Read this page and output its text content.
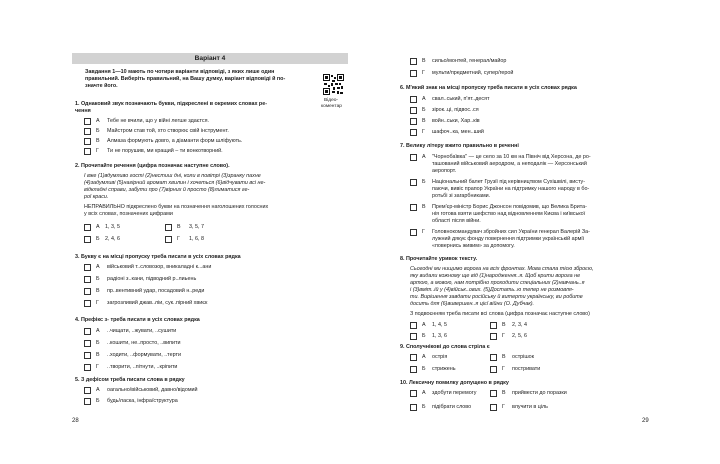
Варіант 4
Завдання 1—10 мають по чотири варіанти відповіді, з яких лише один
правильний. Виберіть правильний, на Вашу думку, варіант відповіді й по-
значте його.
Відео-
коментар
1. Однаковий звук позначають букви, підкреслені в окремих словах ре-
чення
А Тебе не вчили, що у війні легше здаєтся.
Б Майстром став той, хто створює свій інструмент.
В Алмаза формують довго, а діаманти форм шліфують.
Г Ти не порушив, ми кращий – ти вонкотворний.
2. Прочитайте речення (цифра позначає наступне слово).
І вже (1)вдумливо гості (2)нестиш дні, коли в повітрі (3)зранку пахне
(4)задумливі (5)нагірний аромат хвилин і хочеться (6)відчувати всі не-
відкладні справи, забути про (7)вірних й просто (8)лиматися ге-
рої краси.
НЕПРАВИЛЬНО підкреслено букви на позначення наголошених голосних
у всіх словах, позначених цифрами
А 1, 3, 5	В 3, 5, 7
Б 2, 4, 6	Г 1, 6, 8
3. Букву є на місці пропуску треба писати в усіх словах рядка
А військовий т..словозор, вникаладні к...ани
Б радіоні з..кани, підводний р..лиьень
В пр..вентивний удар, посадовий н..реди
Г загрозливий джав..ліи, сук..пірний хвиєк
4. Префікс з- треба писати в усіх словах рядка
А ..чищати, ..жувати, ..сушити
Б ..кошити, не..просто, ..випити
В ..ходити, ..формувати, ..терти
Г ..творити, ..пітнути, ..кріпити
5. З дефісом треба писати слова в рядку
А оагально/військовий, давно/відомий
Б будь/ласка, інфра/структура
28
В сильо/монтей, генерал/майор
Г мульти/предметний, супер/герой
6. М'який знак на місці пропуску треба писати в усіх словах рядка
А свал..ський, п'ят..десят
Б зірок..ці, підвос..ся
В войн..ськи, Хар..ків
Г шафоч..ка, мен..ший
7. Велику літеру вжито правильно в реченні
А "Чорнобаївка" — це село за 10 км на Північ від Херсона, де ро-
ташований військовий аеродром, а неподалік — Херсонський
аеропорт.
Б Національний балет Грузії під керівництвом Сухішвілі, висту-
паючи, вивіс прапор України на підтримку нашого народу в бо-
ротьбі зі загарбниками.
В Прем'єр-міністр Борис Джонсон повідомив, що Велика Брита-
нія готова взяти шефство над відновленням Києва і київської
області після війни.
Г Головнокомандувач збройних сил України генерал Валерій За-
лужний дякує фонду повернення підтримки українській армії
«повернись живим» за допомогу.
8. Прочитайте уривок тексту.
Сьогодні ми нищимо ворога на всіх фронтах. Мова стала тією зброєю,
яку видали кожному ще від (1)народження..я. Щоб крити ворога не
артою, а мовою, нам потрібно проходити спеціальних (2)навчань..я
і (3)вміт..ій у (4)військ..ових. (5)Достать..ю тепер не розмовля-
ти. Вирішення завдати російську й витерти українську, ви робите
досить для (6)вивершен..я цієї війни (О. Дубчак).
З подвоєнням треба писати всі слова (цифра позначає наступне слово)
А 1, 4, 5	В 2, 3, 4
Б 1, 3, 6	Г 2, 5, 6
9. Сполучнікові до слова стріла є
А острія	В острішок
Б стрижень	Г постривати
10. Лексичну помилку допущено в рядку
А здобути перемогу	В прийвести до поразки
Б підібрати слово	Г влучити в ціль
29
